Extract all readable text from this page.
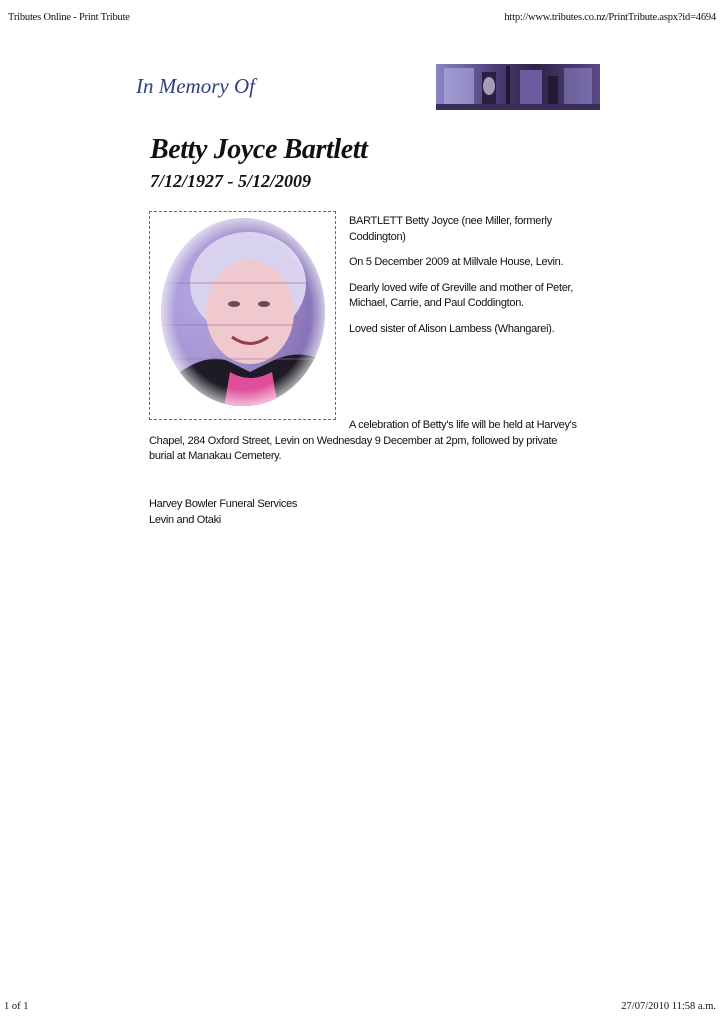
Tributes Online - Print Tribute	http://www.tributes.co.nz/PrintTribute.aspx?id=4694
In Memory Of
Betty Joyce Bartlett
7/12/1927 - 5/12/2009

BARTLETT Betty Joyce (nee Miller, formerly Coddington)

On 5 December 2009 at Millvale House, Levin.

Dearly loved wife of Greville and mother of Peter, Michael, Carrie, and Paul Coddington.

Loved sister of Alison Lambess (Whangarei).

A celebration of Betty's life will be held at Harvey's Chapel, 284 Oxford Street, Levin on Wednesday 9 December at 2pm, followed by private burial at Manakau Cemetery.
Harvey Bowler Funeral Services
Levin and Otaki
1 of 1	27/07/2010 11:58 a.m.
